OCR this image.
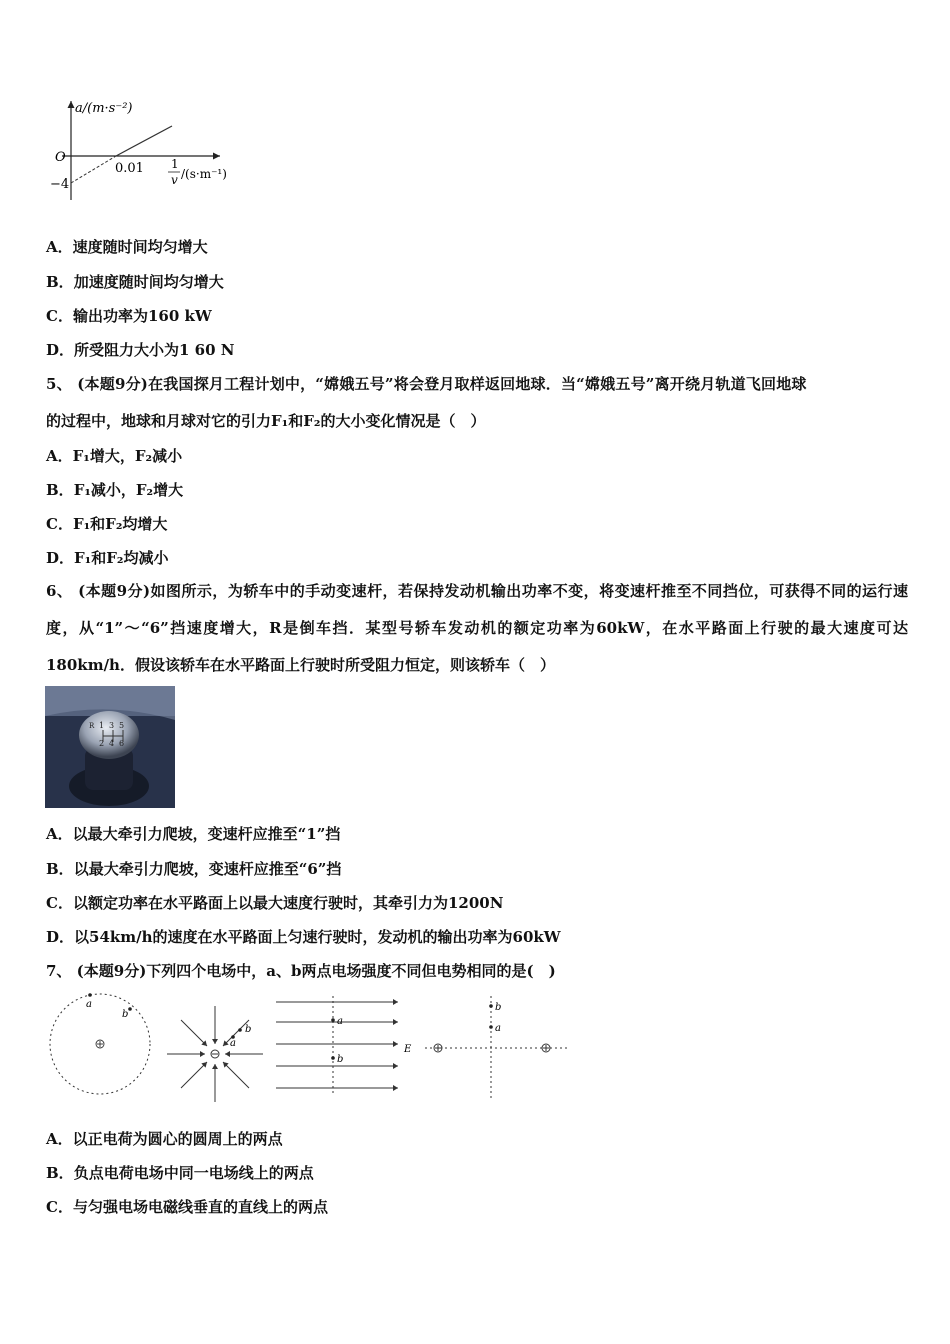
a/(m·s⁻²)
O
−4
0.01 1
v /(s·m⁻¹)
A．速度随时间均匀增大
B．加速度随时间均匀增大
C．输出功率为160 kW
D．所受阻力大小为1 60 N
5、 (本题9分)在我国探月工程计划中，“嫦娥五号”将会登月取样返回地球．当“嫦娥五号”离开绕月轨道飞回地球
的过程中，地球和月球对它的引力F₁和F₂的大小变化情况是（　）
A．F₁增大，F₂减小
B．F₁减小，F₂增大
C．F₁和F₂均增大
D．F₁和F₂均减小
6、 (本题9分)如图所示，为轿车中的手动变速杆，若保持发动机输出功率不变，将变速杆推至不同挡位，可获得不同的运行速度，从“1”～“6”挡速度增大，R是倒车挡．某型号轿车发动机的额定功率为60kW，在水平路面上行驶的最大速度可达180km/h．假设该轿车在水平路面上行驶时所受阻力恒定，则该轿车（　）
1 3 5
2 4 6
R
A．以最大牵引力爬坡，变速杆应推至“1”挡
B．以最大牵引力爬坡，变速杆应推至“6”挡
C．以额定功率在水平路面上以最大速度行驶时，其牵引力为1200N
D．以54km/h的速度在水平路面上匀速行驶时，发动机的输出功率为60kW
7、 (本题9分)下列四个电场中，a、b两点电场强度不同但电势相同的是(　)
a
b
a
b
a
b
E
b
a
A．以正电荷为圆心的圆周上的两点
B．负点电荷电场中同一电场线上的两点
C．与匀强电场电磁线垂直的直线上的两点
